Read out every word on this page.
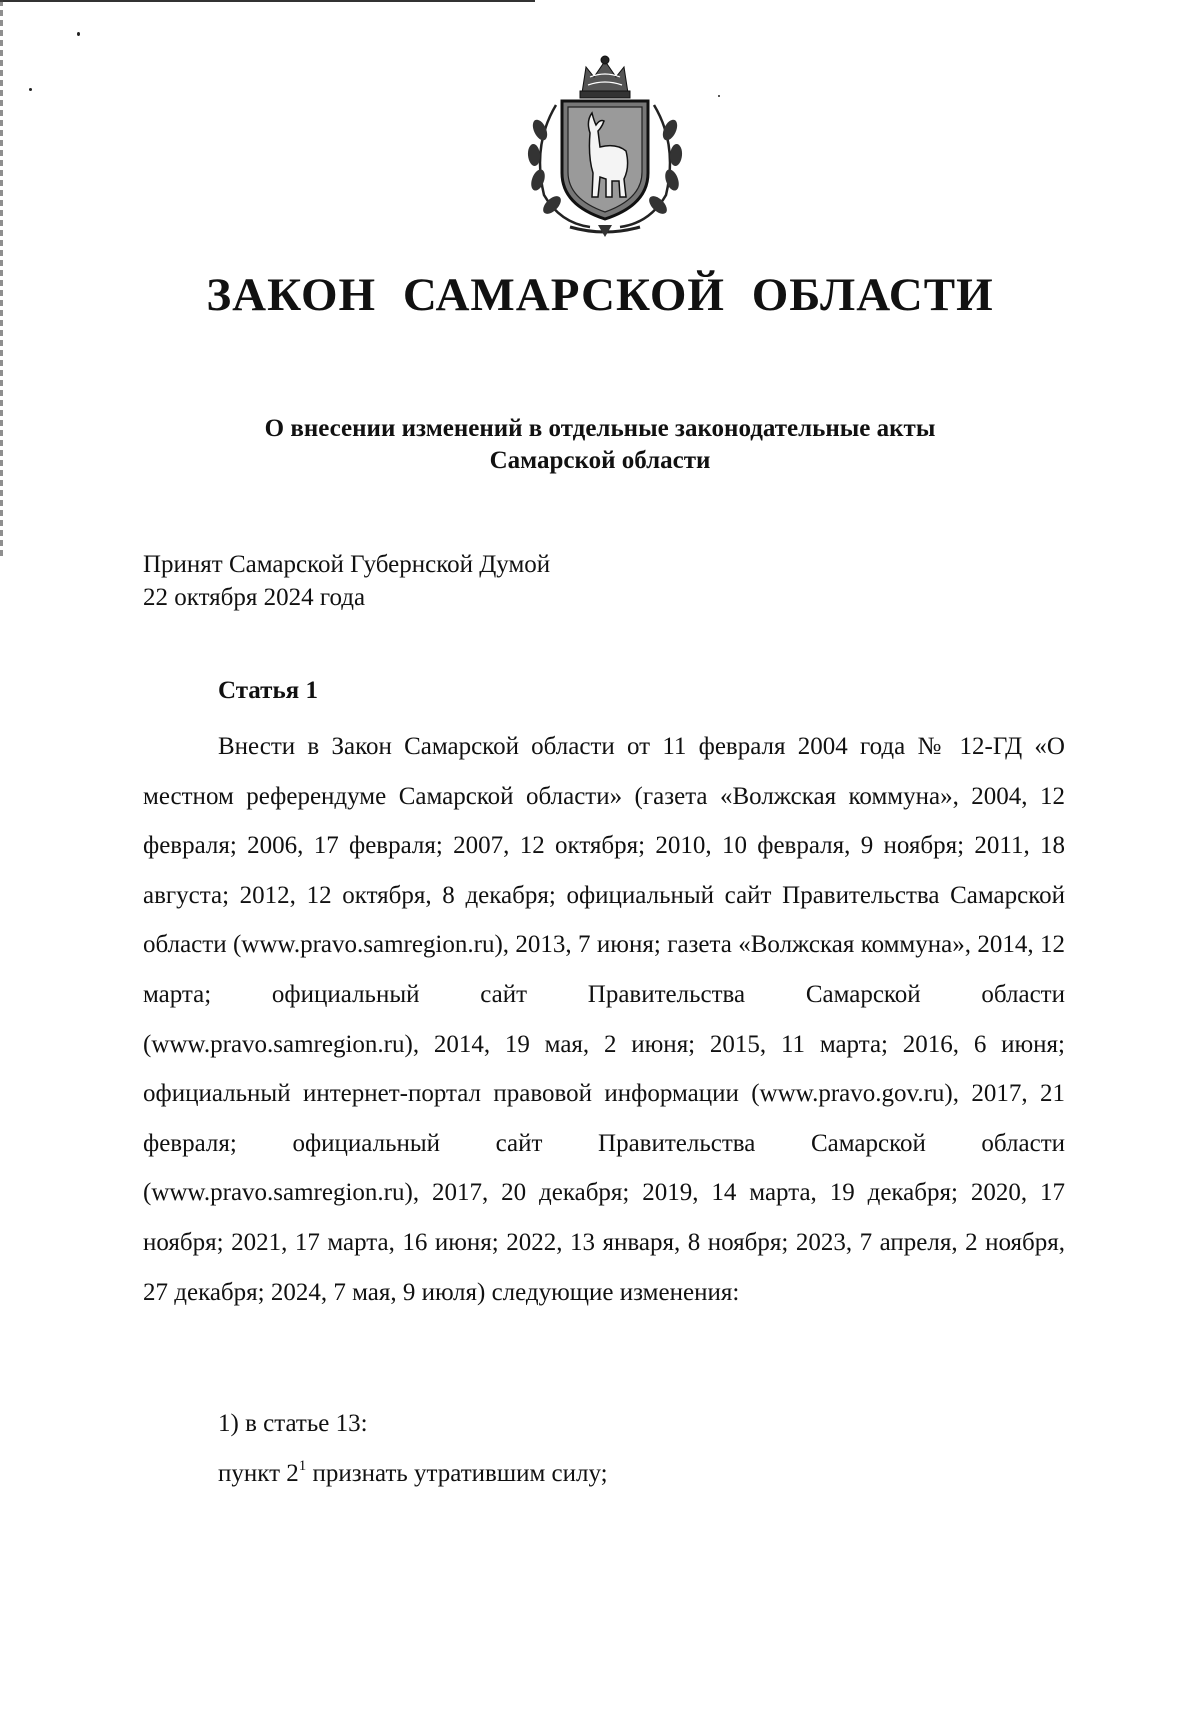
ЗАКОН САМАРСКОЙ ОБЛАСТИ
О внесении изменений в отдельные законодательные акты
Самарской области
Принят Самарской Губернской Думой
22 октября 2024 года
Статья 1

Внести в Закон Самарской области от 11 февраля 2004 года № 12-ГД «О местном референдуме Самарской области» (газета «Волжская коммуна», 2004, 12 февраля; 2006, 17 февраля; 2007, 12 октября; 2010, 10 февраля, 9 ноября; 2011, 18 августа; 2012, 12 октября, 8 декабря; официальный сайт Правительства Самарской области (www.pravo.samregion.ru), 2013, 7 июня; газета «Волжская коммуна», 2014, 12 марта; официальный сайт Правительства Самарской области (www.pravo.samregion.ru), 2014, 19 мая, 2 июня; 2015, 11 марта; 2016, 6 июня; официальный интернет-портал правовой информации (www.pravo.gov.ru), 2017, 21 февраля; официальный сайт Правительства Самарской области (www.pravo.samregion.ru), 2017, 20 декабря; 2019, 14 марта, 19 декабря; 2020, 17 ноября; 2021, 17 марта, 16 июня; 2022, 13 января, 8 ноября; 2023, 7 апреля, 2 ноября, 27 декабря; 2024, 7 мая, 9 июля) следующие изменения:

1) в статье 13:

пункт $2^1$ признать утратившим силу;
